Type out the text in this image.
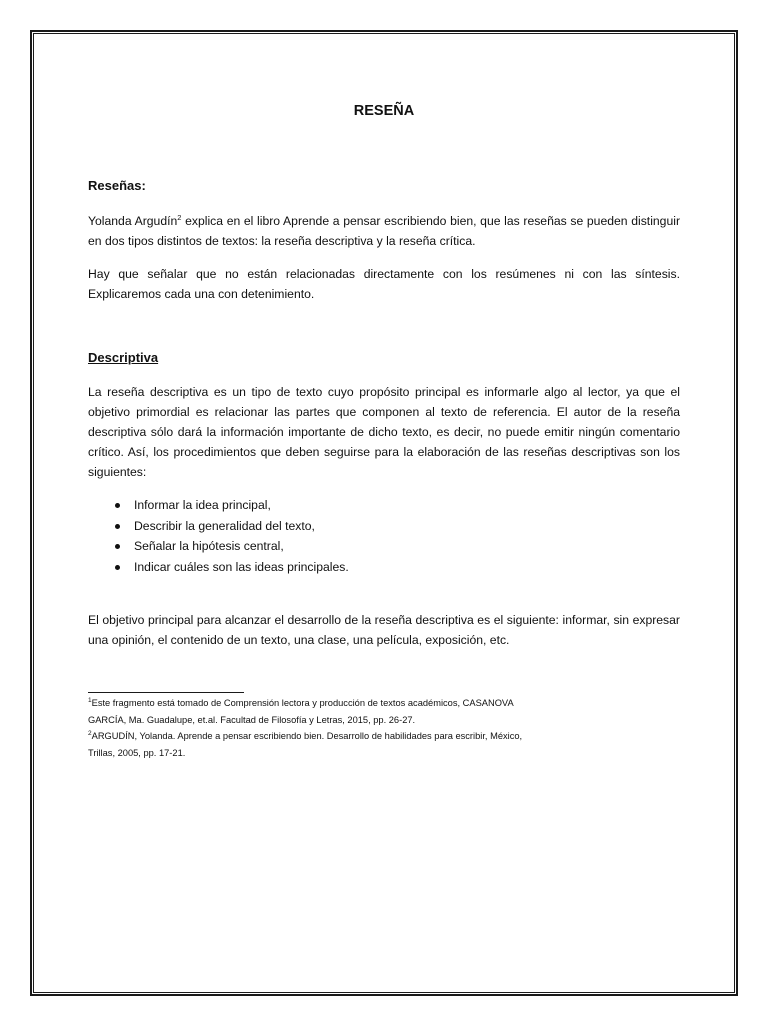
RESEÑA
Reseñas:

Yolanda Argudín$^2$ explica en el libro Aprende a pensar escribiendo bien, que las reseñas se pueden distinguir en dos tipos distintos de textos: la reseña descriptiva y la reseña crítica.

Hay que señalar que no están relacionadas directamente con los resúmenes ni con las síntesis. Explicaremos cada una con detenimiento.

Descriptiva

La reseña descriptiva es un tipo de texto cuyo propósito principal es informarle algo al lector, ya que el objetivo primordial es relacionar las partes que componen al texto de referencia. El autor de la reseña descriptiva sólo dará la información importante de dicho texto, es decir, no puede emitir ningún comentario crítico. Así, los procedimientos que deben seguirse para la elaboración de las reseñas descriptivas son los siguientes:

Informar la idea principal,
Describir la generalidad del texto,
Señalar la hipótesis central,
Indicar cuáles son las ideas principales.

El objetivo principal para alcanzar el desarrollo de la reseña descriptiva es el siguiente: informar, sin expresar una opinión, el contenido de un texto, una clase, una película, exposición, etc.

$^1$Este fragmento está tomado de Comprensión lectora y producción de textos académicos, CASANOVA
GARCÍA, Ma. Guadalupe, et.al. Facultad de Filosofía y Letras, 2015, pp. 26-27.

$^2$ARGUDÍN, Yolanda. Aprende a pensar escribiendo bien. Desarrollo de habilidades para escribir, México,
Trillas, 2005, pp. 17-21.
